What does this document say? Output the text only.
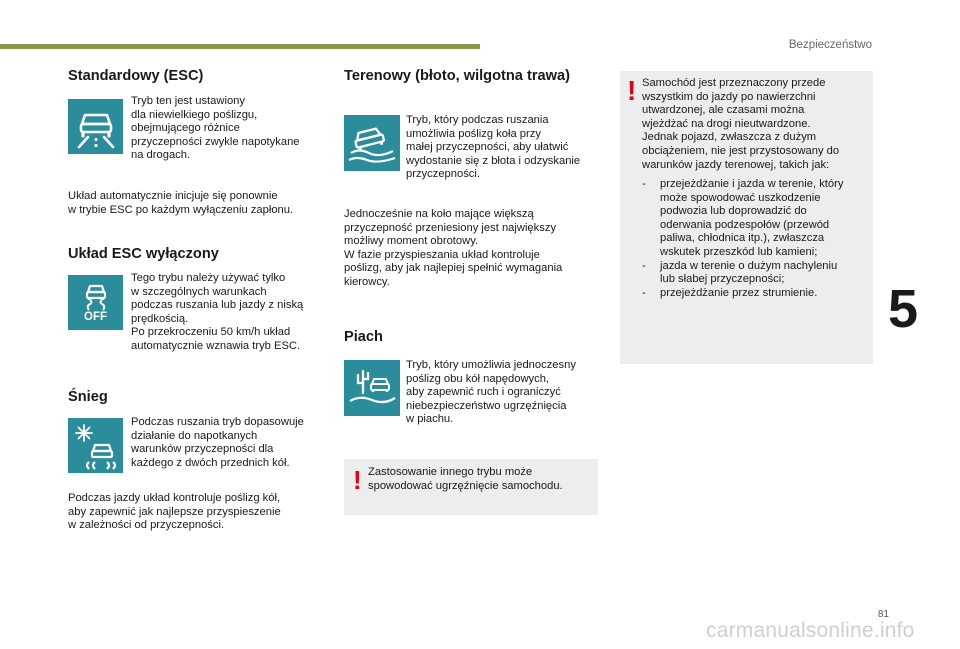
Bezpieczeństwo
5
81
carmanualsonline.info
Standardowy (ESC)

Tryb ten jest ustawiony
dla niewielkiego poślizgu,
obejmującego różnice
przyczepności zwykle napotykane
na drogach.

Układ automatycznie inicjuje się ponownie
w trybie ESC po każdym wyłączeniu zapłonu.

Układ ESC wyłączony
OFF

Tego trybu należy używać tylko
w szczególnych warunkach
podczas ruszania lub jazdy z niską
prędkością.
Po przekroczeniu 50 km/h układ
automatycznie wznawia tryb ESC.

Śnieg

Podczas ruszania tryb dopasowuje
działanie do napotkanych
warunków przyczepności dla
każdego z dwóch przednich kół.

Podczas jazdy układ kontroluje poślizg kół,
aby zapewnić jak najlepsze przyspieszenie
w zależności od przyczepności.

Terenowy (błoto, wilgotna trawa)

Tryb, który podczas ruszania
umożliwia poślizg koła przy
małej przyczepności, aby ułatwić
wydostanie się z błota i odzyskanie
przyczepności.

Jednocześnie na koło mające większą
przyczepność przeniesiony jest największy
możliwy moment obrotowy.
W fazie przyspieszania układ kontroluje
poślizg, aby jak najlepiej spełnić wymagania
kierowcy.

Piach

Tryb, który umożliwia jednoczesny
poślizg obu kół napędowych,
aby zapewnić ruch i ograniczyć
niebezpieczeństwo ugrzęźnięcia
w piachu.

! Zastosowanie innego trybu może
spowodować ugrzęźnięcie samochodu.

! Samochód jest przeznaczony przede
wszystkim do jazdy po nawierzchni
utwardzonej, ale czasami można
wjeżdżać na drogi nieutwardzone.
Jednak pojazd, zwłaszcza z dużym
obciążeniem, nie jest przystosowany do
warunków jazdy terenowej, takich jak:

- przejeżdżanie i jazda w terenie, który może spowodować uszkodzenie podwozia lub doprowadzić do oderwania podzespołów (przewód paliwa, chłodnica itp.), zwłaszcza wskutek przeszkód lub kamieni;
- jazda w terenie o dużym nachyleniu lub słabej przyczepności;
- przejeżdżanie przez strumienie.
